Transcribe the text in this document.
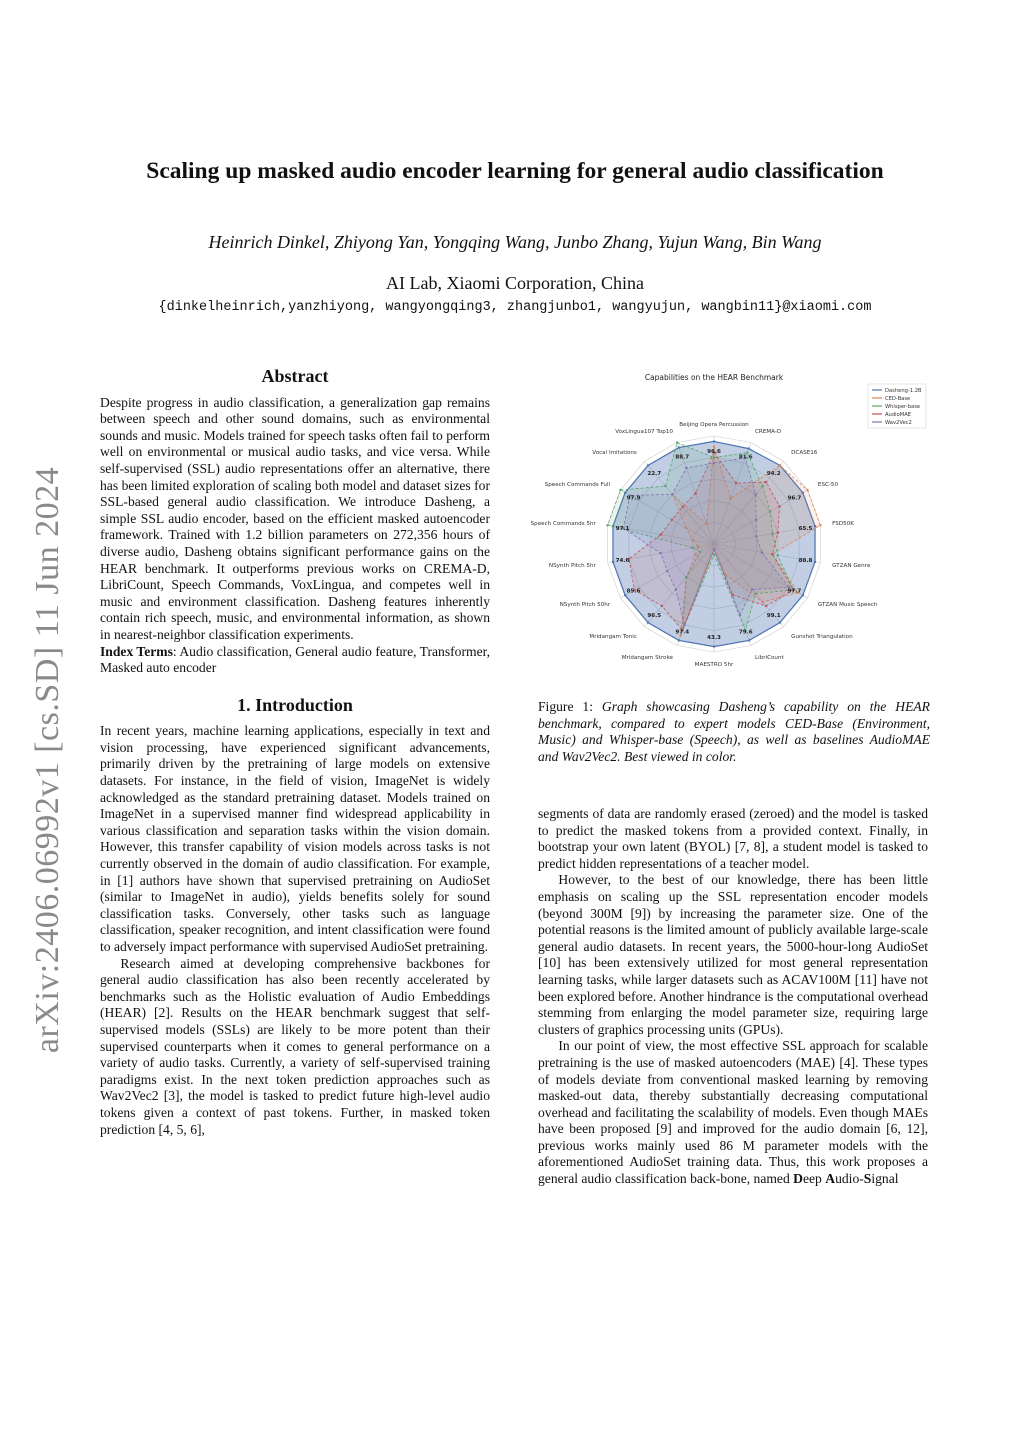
arXiv:2406.06992v1 [cs.SD] 11 Jun 2024
Scaling up masked audio encoder learning for general audio classification
Heinrich Dinkel, Zhiyong Yan, Yongqing Wang, Junbo Zhang, Yujun Wang, Bin Wang
AI Lab, Xiaomi Corporation, China
{dinkelheinrich,yanzhiyong, wangyongqing3, zhangjunbo1, wangyujun, wangbin11}@xiaomi.com
Abstract

Despite progress in audio classification, a generalization gap remains between speech and other sound domains, such as environmental sounds and music. Models trained for speech tasks often fail to perform well on environmental or musical audio tasks, and vice versa. While self-supervised (SSL) audio representations offer an alternative, there has been limited exploration of scaling both model and dataset sizes for SSL-based general audio classification. We introduce Dasheng, a simple SSL audio encoder, based on the efficient masked autoencoder framework. Trained with 1.2 billion parameters on 272,356 hours of diverse audio, Dasheng obtains significant performance gains on the HEAR benchmark. It outperforms previous works on CREMA-D, LibriCount, Speech Commands, VoxLingua, and competes well in music and environment classification. Dasheng features inherently contain rich speech, music, and environmental information, as shown in nearest-neighbor classification experiments.

Index Terms: Audio classification, General audio feature, Transformer, Masked auto encoder

1. Introduction

In recent years, machine learning applications, especially in text and vision processing, have experienced significant advancements, primarily driven by the pretraining of large models on extensive datasets. For instance, in the field of vision, ImageNet is widely acknowledged as the standard pretraining dataset. Models trained on ImageNet in a supervised manner find widespread applicability in various classification and separation tasks within the vision domain. However, this transfer capability of vision models across tasks is not currently observed in the domain of audio classification. For example, in [1] authors have shown that supervised pretraining on AudioSet (similar to ImageNet in audio), yields benefits solely for sound classification tasks. Conversely, other tasks such as language classification, speaker recognition, and intent classification were found to adversely impact performance with supervised AudioSet pretraining.

Research aimed at developing comprehensive backbones for general audio classification has also been recently accelerated by benchmarks such as the Holistic evaluation of Audio Embeddings (HEAR) [2]. Results on the HEAR benchmark suggest that self-supervised models (SSLs) are likely to be more potent than their supervised counterparts when it comes to general performance on a variety of audio tasks. Currently, a variety of self-supervised training paradigms exist. In the next token prediction approaches such as Wav2Vec2 [3], the model is tasked to predict future high-level audio tokens given a context of past tokens. Further, in masked token prediction [4, 5, 6],

Capabilities on the HEAR Benchmark
Beijing Opera Percussion
96.6
CREMA-D
81.6
DCASE16
94.2
ESC-50
96.7
FSD50K
65.5
GTZAN Genre
88.8
GTZAN Music Speech
97.7
Gunshot Triangulation
99.1
LibriCount
79.6
MAESTRO 5hr
43.3
Mridangam Stroke
97.4
Mridangam Tonic
96.5
NSynth Pitch 50hr
85.6
NSynth Pitch 5hr
74.6
Speech Commands 5hr
97.1
Speech Commands Full
97.9
Vocal Imitations
22.7
VoxLingua107 Top10
88.7
Dasheng-1.2B
CED-Base
Whisper-base
AudioMAE
Wav2Vec2
Figure 1: Graph showcasing Dasheng’s capability on the HEAR benchmark, compared to expert models CED-Base (Environment, Music) and Whisper-base (Speech), as well as baselines AudioMAE and Wav2Vec2. Best viewed in color.

segments of data are randomly erased (zeroed) and the model is tasked to predict the masked tokens from a provided context. Finally, in bootstrap your own latent (BYOL) [7, 8], a student model is tasked to predict hidden representations of a teacher model.

However, to the best of our knowledge, there has been little emphasis on scaling up the SSL representation encoder models (beyond 300M [9]) by increasing the parameter size. One of the potential reasons is the limited amount of publicly available large-scale general audio datasets. In recent years, the 5000-hour-long AudioSet [10] has been extensively utilized for most general representation learning tasks, while larger datasets such as ACAV100M [11] have not been explored before. Another hindrance is the computational overhead stemming from enlarging the model parameter size, requiring large clusters of graphics processing units (GPUs).

In our point of view, the most effective SSL approach for scalable pretraining is the use of masked autoencoders (MAE) [4]. These types of models deviate from conventional masked learning by removing masked-out data, thereby substantially decreasing computational overhead and facilitating the scalability of models. Even though MAEs have been proposed [9] and improved for the audio domain [6, 12], previous works mainly used 86 M parameter models with the aforementioned AudioSet training data. Thus, this work proposes a general audio classification back-bone, named Deep Audio-Signal
